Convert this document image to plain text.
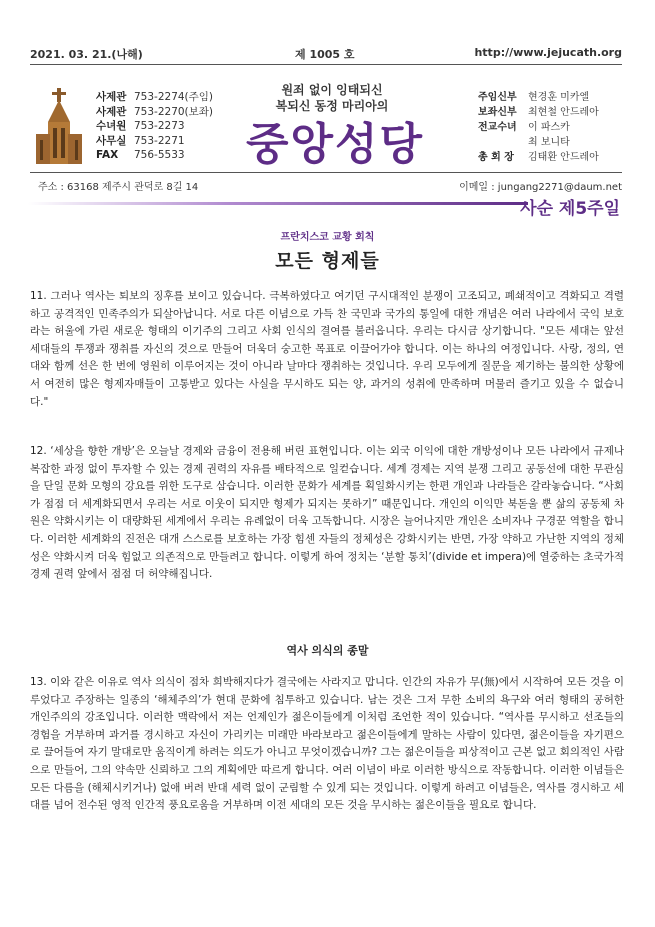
2021. 03. 21.(나해)	제 1005 호	http://www.jejucath.org
사제관 753-2274(주임)
사제관 753-2270(보좌)
수녀원 753-2273
사무실 753-2271
FAX 756-5533
원죄 없이 잉태되신
복되신 동정 마리아의
중앙성당
주임신부 현경훈 미카엘
보좌신부 최현철 안드레아
전교수녀 이 파스카
최 보니타
총 회 장 김태환 안드레아
주소 : 63168 제주시 관덕로 8길 14	이메일 : jungang2271@daum.net
사순 제5주일
프란치스코 교황 회칙
모든 형제들

11. 그러나 역사는 퇴보의 징후를 보이고 있습니다. 극복하였다고 여기던 구시대적인 분쟁이 고조되고, 폐쇄적이고 격화되고 격렬하고 공격적인 민족주의가 되살아납니다. 서로 다른 이념으로 가득 찬 국민과 국가의 통일에 대한 개념은 여러 나라에서 국익 보호라는 허울에 가린 새로운 형태의 이기주의 그리고 사회 인식의 결여를 불러옵니다. 우리는 다시금 상기합니다. "모든 세대는 앞선 세대들의 투쟁과 쟁취를 자신의 것으로 만들어 더욱더 숭고한 목표로 이끌어가야 합니다. 이는 하나의 여정입니다. 사랑, 정의, 연대와 함께 선은 한 번에 영원히 이루어지는 것이 아니라 날마다 쟁취하는 것입니다. 우리 모두에게 질문을 제기하는 불의한 상황에서 여전히 많은 형제자매들이 고통받고 있다는 사실을 무시하도 되는 양, 과거의 성취에 만족하며 머물러 즐기고 있을 수 없습니다."

12. ‘세상을 향한 개방’은 오늘날 경제와 금융이 전용해 버린 표현입니다. 이는 외국 이익에 대한 개방성이나 모든 나라에서 규제나 복잡한 과정 없이 투자할 수 있는 경제 권력의 자유를 배타적으로 일컫습니다. 세계 경제는 지역 분쟁 그리고 공동선에 대한 무관심을 단일 문화 모형의 강요를 위한 도구로 삼습니다. 이러한 문화가 세계를 획일화시키는 한편 개인과 나라들은 갈라놓습니다. “사회가 점점 더 세계화되면서 우리는 서로 이웃이 되지만 형제가 되지는 못하기” 때문입니다. 개인의 이익만 북돋울 뿐 삶의 공동체 차원은 약화시키는 이 대량화된 세계에서 우리는 유례없이 더욱 고독합니다. 시장은 늘어나지만 개인은 소비자나 구경꾼 역할을 합니다. 이러한 세계화의 진전은 대개 스스로를 보호하는 가장 힘센 자들의 정체성은 강화시키는 반면, 가장 약하고 가난한 지역의 정체성은 약화시켜 더욱 힘없고 의존적으로 만들려고 합니다. 이렇게 하여 정치는 ‘분할 통치’(divide et impera)에 열중하는 초국가적 경제 권력 앞에서 점점 더 허약해집니다.

역사 의식의 종말

13. 이와 같은 이유로 역사 의식이 점차 희박해지다가 결국에는 사라지고 맙니다. 인간의 자유가 무(無)에서 시작하여 모든 것을 이루었다고 주장하는 일종의 ‘해체주의’가 현대 문화에 침투하고 있습니다. 남는 것은 그저 무한 소비의 욕구와 여러 형태의 공허한 개인주의의 강조입니다. 이러한 맥락에서 저는 언제인가 젊은이들에게 이처럼 조언한 적이 있습니다. “역사를 무시하고 선조들의 경험을 거부하며 과거를 경시하고 자신이 가리키는 미래만 바라보라고 젊은이들에게 말하는 사람이 있다면, 젊은이들을 자기편으로 끌어들여 자기 말대로만 움직이게 하려는 의도가 아니고 무엇이겠습니까? 그는 젊은이들을 피상적이고 근본 없고 회의적인 사람으로 만들어, 그의 약속만 신뢰하고 그의 계획에만 따르게 합니다. 여러 이념이 바로 이러한 방식으로 작동합니다. 이러한 이념들은 모든 다름을 (해체시키거나) 없애 버려 반대 세력 없이 군림할 수 있게 되는 것입니다. 이렇게 하려고 이념들은, 역사를 경시하고 세대를 넘어 전수된 영적 인간적 풍요로움을 거부하며 이전 세대의 모든 것을 무시하는 젊은이들을 필요로 합니다.
